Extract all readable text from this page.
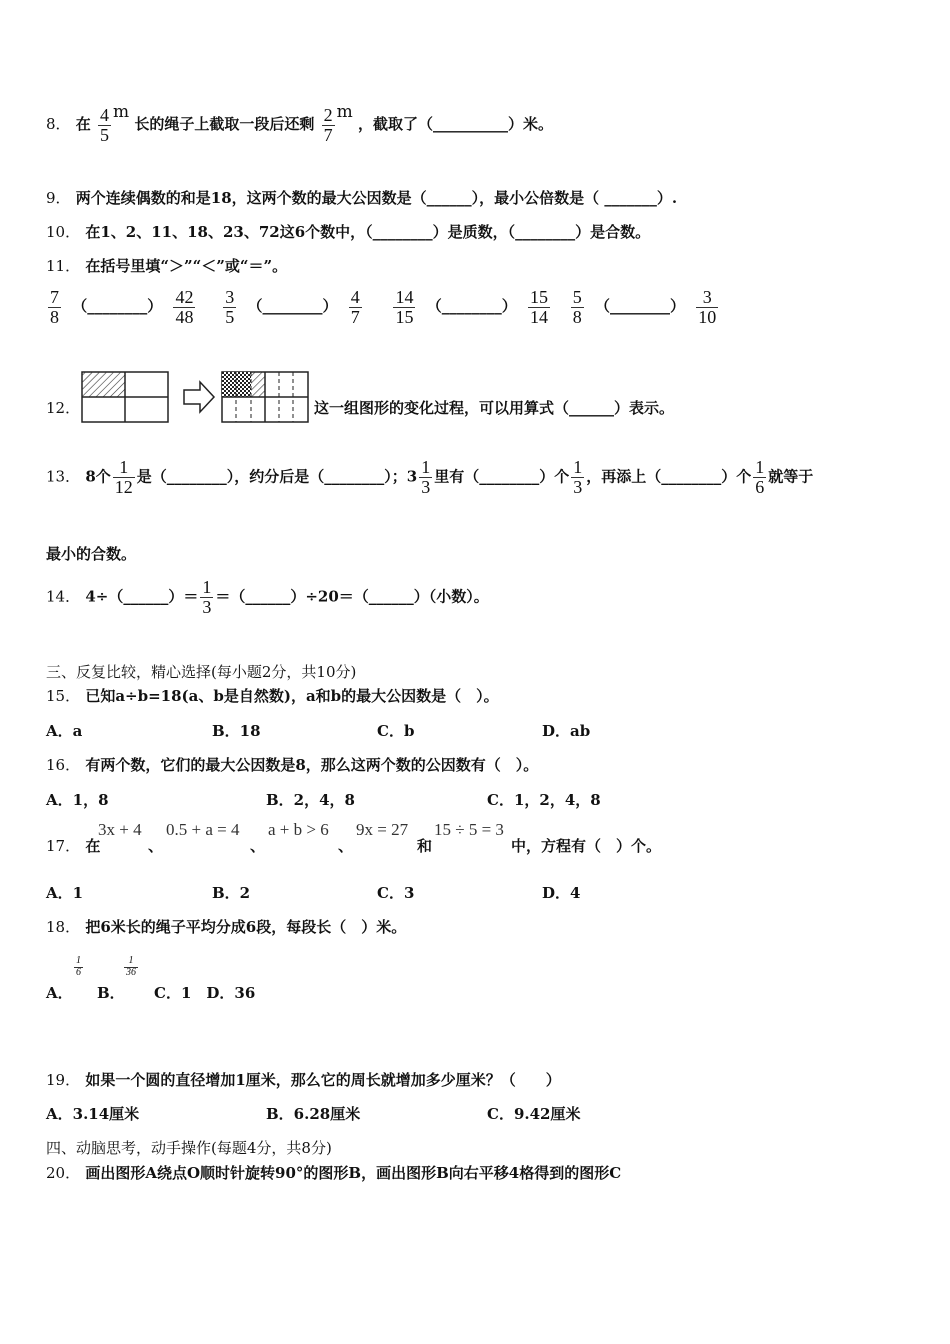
8． 在 $\frac{4}{5}$ m 长的绳子上截取一段后还剩 $\frac{2}{7}$ m ，截取了（__________）米。
9． 两个连续偶数的和是18，这两个数的最大公因数是（______），最小公倍数是（ _______）.
10． 在1、2、11、18、23、72这6个数中，（________）是质数，（________）是合数。
11． 在括号里填“＞”“＜”或“＝”。
$\frac{7}{8}$ （________） $\frac{42}{48}$
$\frac{3}{5}$ （________） $\frac{4}{7}$
$\frac{14}{15}$ （________） $\frac{15}{14}$
$\frac{5}{8}$ （________） $\frac{3}{10}$
12．	这一组图形的变化过程，可以用算式（______）表示。
13． 8个 $\frac{1}{12}$ 是（________），约分后是（________）；$3 \frac{1}{3}$ 里有（________）个 $\frac{1}{3}$ ，再添上（________）个 $\frac{1}{6}$ 就等于
最小的合数。
14． 4÷（______）＝ $\frac{1}{3}$ ＝（______）÷20＝（______）（小数）。
三、反复比较，精心选择(每小题2分，共10分)
15． 已知a÷b=18(a、b是自然数)，a和b的最大公因数是（　）。
A．a	B．18	C．b	D．ab
16． 有两个数，它们的最大公因数是8，那么这两个数的公因数有（　）。
A．1，8	B．2，4，8	C．1，2，4，8
17． 在
3x + 4
、
0.5 + a = 4
、
a + b > 6
、
9x = 27
和
15 ÷ 5 = 3
中，方程有（　）个。
A．1	B．2	C．3	D．4
18． 把6米长的绳子平均分成6段，每段长（　）米。
A．
$\frac{1}{6}$
B．
$\frac{1}{36}$
C．1　D．36
19． 如果一个圆的直径增加1厘米，那么它的周长就增加多少厘米？（　　）
A．3.14厘米	B．6.28厘米	C．9.42厘米
四、动脑思考，动手操作(每题4分，共8分)
20． 画出图形A绕点O顺时针旋转90°的图形B，画出图形B向右平移4格得到的图形C
